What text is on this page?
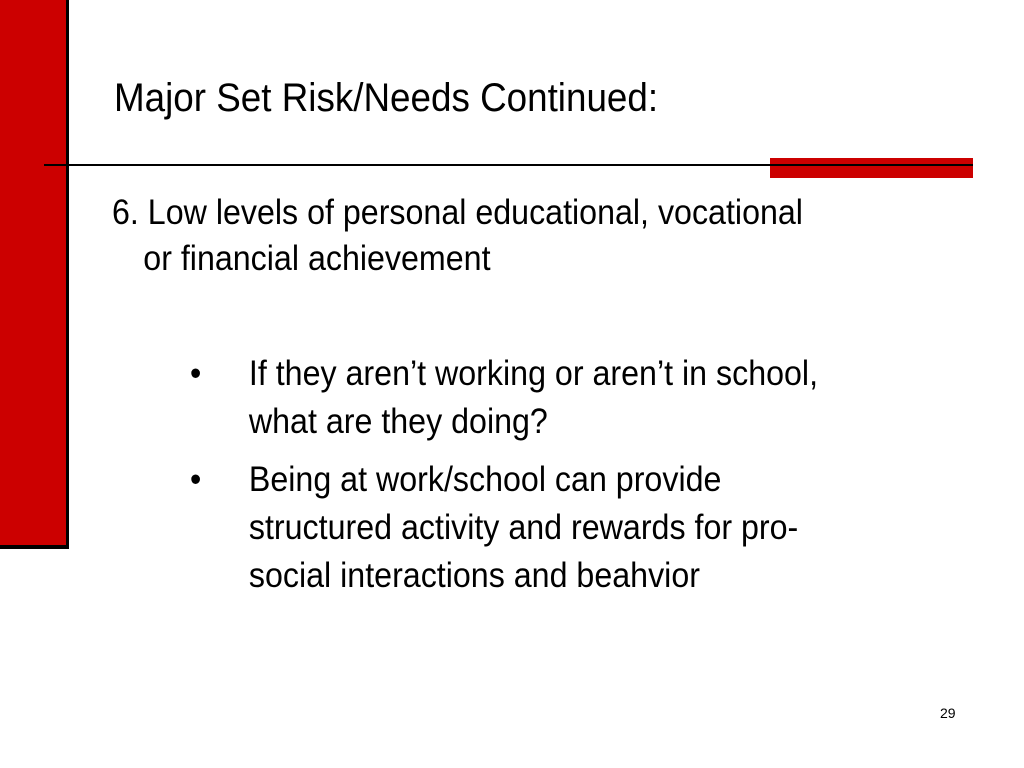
Major Set Risk/Needs Continued:
6. Low levels of personal educational, vocational
or financial achievement
• If they aren’t working or aren’t in school,
what are they doing?
• Being at work/school can provide
structured activity and rewards for pro-
social interactions and beahvior
29
